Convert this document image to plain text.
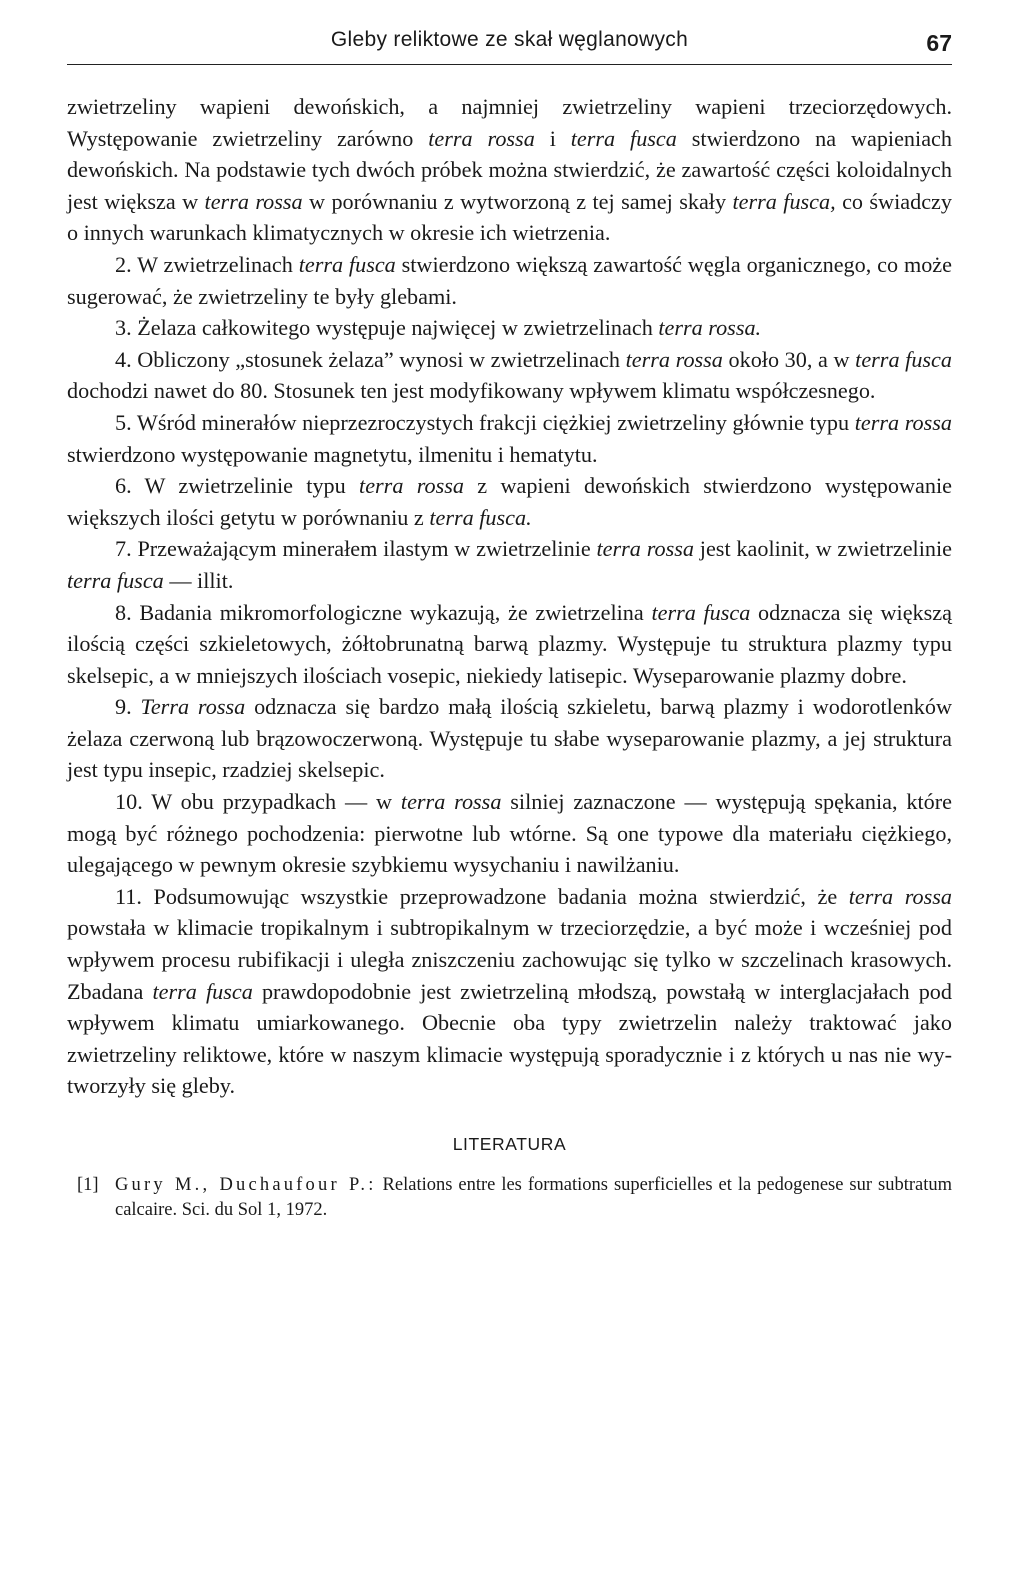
Gleby reliktowe ze skał węglanowych	67

zwietrzeliny wapieni dewońskich, a najmniej zwietrzeliny wapieni trzeciorzędowych. Występowanie zwietrzeliny zarówno terra rossa i terra fusca stwierdzono na wapieniach dewońskich. Na podstawie tych dwóch próbek można stwierdzić, że zawartość części koloidalnych jest większa w terra rossa w porównaniu z wytworzoną z tej samej skały terra fusca, co świadczy o innych warunkach klimatycznych w okresie ich wietrzenia.

2. W zwietrzelinach terra fusca stwierdzono większą zawartość węgla organicznego, co może sugerować, że zwietrzeliny te były glebami.

3. Żelaza całkowitego występuje najwięcej w zwietrzelinach terra rossa.

4. Obliczony „stosunek żelaza” wynosi w zwietrzelinach terra rossa około 30, a w terra fusca dochodzi nawet do 80. Stosunek ten jest modyfikowany wpływem klimatu współczesnego.

5. Wśród minerałów nieprzezroczystych frakcji ciężkiej zwietrzeliny głównie typu terra rossa stwierdzono występowanie magnetytu, ilmenitu i hematytu.

6. W zwietrzelinie typu terra rossa z wapieni dewońskich stwierdzono występowanie większych ilości getytu w porównaniu z terra fusca.

7. Przeważającym minerałem ilastym w zwietrzelinie terra rossa jest kaolinit, w zwietrzelinie terra fusca — illit.

8. Badania mikromorfologiczne wykazują, że zwietrzelina terra fusca odznacza się większą ilością części szkieletowych, żółtobrunatną barwą plazmy. Występuje tu struktura plazmy typu skelsepic, a w mniejszych ilościach vosepic, niekiedy latisepic. Wyseparowanie plazmy dobre.

9. Terra rossa odznacza się bardzo małą ilością szkieletu, barwą plazmy i wodorotlenków żelaza czerwoną lub brązowoczerwoną. Występuje tu słabe wyseparowanie plazmy, a jej struktura jest typu insepic, rzadziej skelsepic.

10. W obu przypadkach — w terra rossa silniej zaznaczone — występują spękania, które mogą być różnego pochodzenia: pierwotne lub wtórne. Są one typowe dla materiału ciężkiego, ulegającego w pewnym okresie szybkiemu wysychaniu i nawilżaniu.

11. Podsumowując wszystkie przeprowadzone badania można stwierdzić, że terra rossa powstała w klimacie tropikalnym i subtropikalnym w trzeciorzędzie, a być może i wcześniej pod wpływem procesu rubifikacji i uległa zniszczeniu zachowując się tylko w szczelinach krasowych. Zbadana terra fusca prawdopodobnie jest zwietrzeliną młodszą, powstałą w interglacjałach pod wpływem klimatu umiarkowanego. Obecnie oba typy zwietrzelin należy traktować jako zwietrzeliny reliktowe, które w naszym klimacie występują sporadycznie i z których u nas nie wytworzyły się gleby.

LITERATURA
[1] Gury M., Duchaufour P.: Relations entre les formations superficielles et la pedogenese sur subtratum calcaire. Sci. du Sol 1, 1972.
